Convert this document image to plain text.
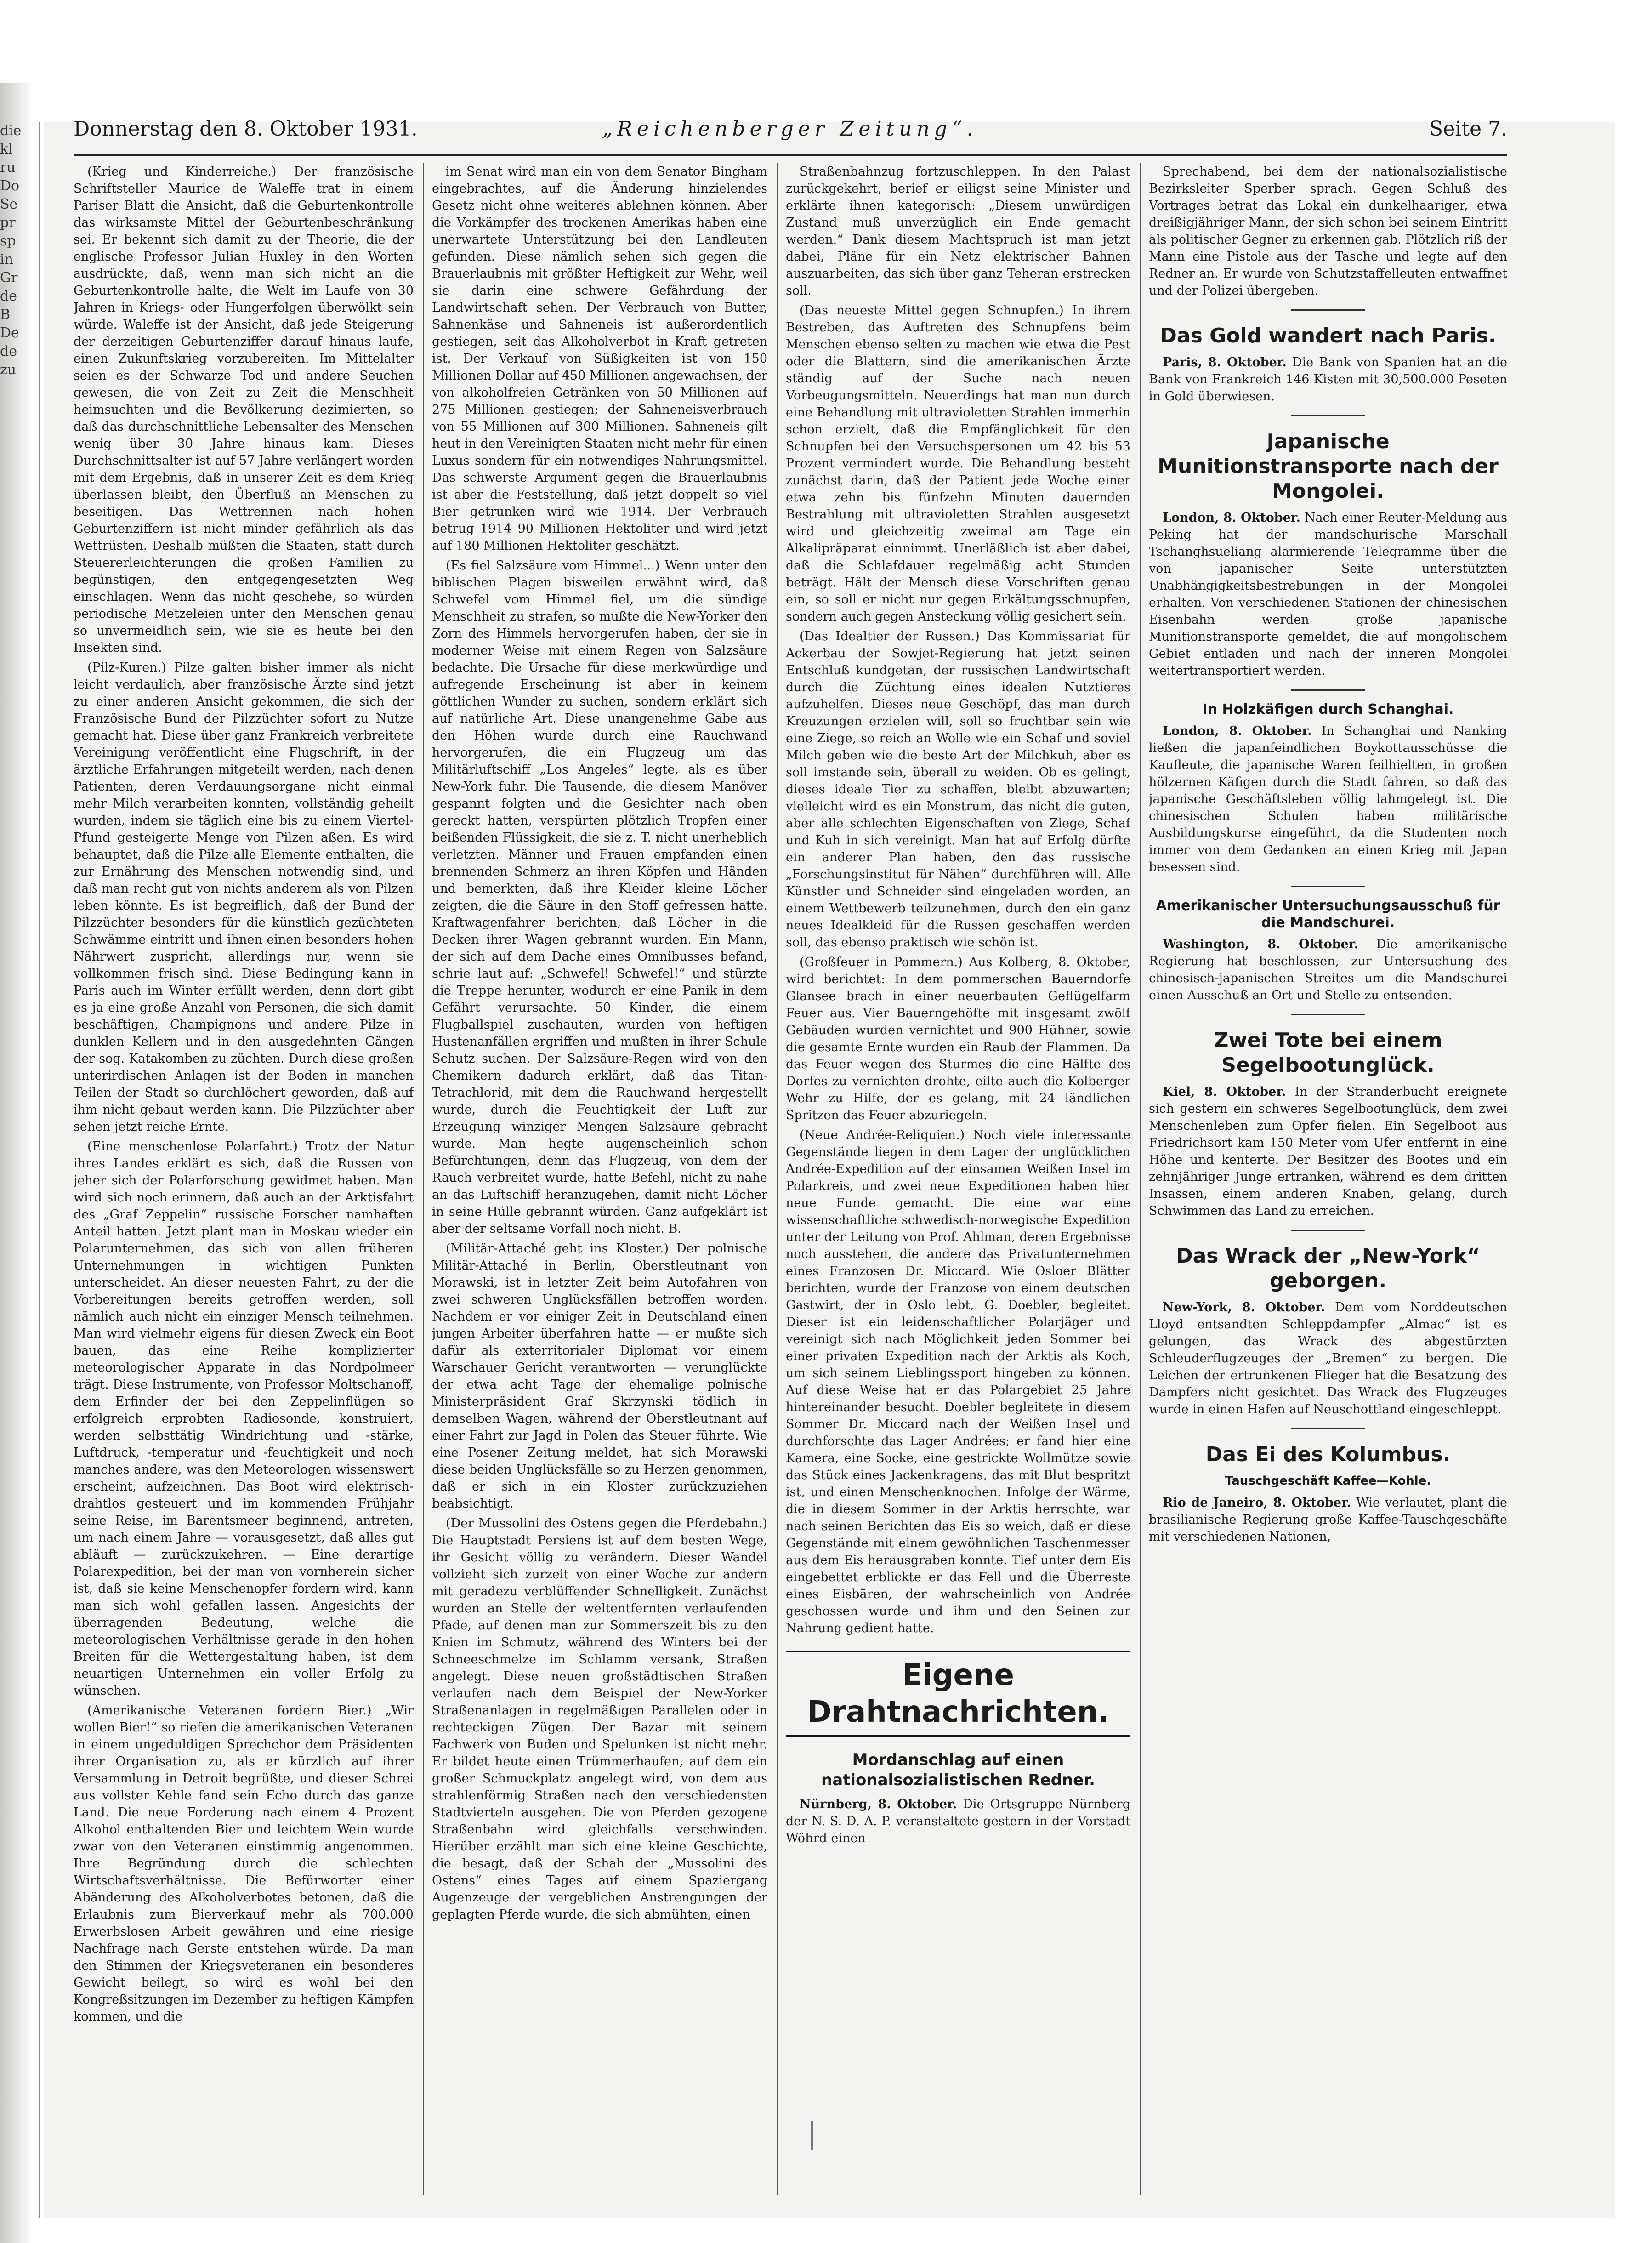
die
kl
ru
Do
Se
pr
sp
in
Gr
de
B
De
de
zu
Donnerstag den 8. Oktober 1931.	„Reichenberger Zeitung“.	Seite 7.

(Krieg und Kinderreiche.) Der französische Schriftsteller Maurice de Waleffe trat in einem Pariser Blatt die Ansicht, daß die Geburtenkontrolle das wirksamste Mittel der Geburtenbeschränkung sei. Er bekennt sich damit zu der Theorie, die der englische Professor Julian Huxley in den Worten ausdrückte, daß, wenn man sich nicht an die Geburtenkontrolle halte, die Welt im Laufe von 30 Jahren in Kriegs- oder Hungerfolgen überwölkt sein würde. Waleffe ist der Ansicht, daß jede Steigerung der derzeitigen Geburtenziffer darauf hinaus laufe, einen Zukunftskrieg vorzubereiten. Im Mittelalter seien es der Schwarze Tod und andere Seuchen gewesen, die von Zeit zu Zeit die Menschheit heimsuchten und die Bevölkerung dezimierten, so daß das durchschnittliche Lebensalter des Menschen wenig über 30 Jahre hinaus kam. Dieses Durchschnittsalter ist auf 57 Jahre verlängert worden mit dem Ergebnis, daß in unserer Zeit es dem Krieg überlassen bleibt, den Überfluß an Menschen zu beseitigen. Das Wettrennen nach hohen Geburtenziffern ist nicht minder gefährlich als das Wettrüsten. Deshalb müßten die Staaten, statt durch Steuererleichterungen die großen Familien zu begünstigen, den entgegengesetzten Weg einschlagen. Wenn das nicht geschehe, so würden periodische Metzeleien unter den Menschen genau so unvermeidlich sein, wie sie es heute bei den Insekten sind.

(Pilz-Kuren.) Pilze galten bisher immer als nicht leicht verdaulich, aber französische Ärzte sind jetzt zu einer anderen Ansicht gekommen, die sich der Französische Bund der Pilzzüchter sofort zu Nutze gemacht hat. Diese über ganz Frankreich verbreitete Vereinigung veröffentlicht eine Flugschrift, in der ärztliche Erfahrungen mitgeteilt werden, nach denen Patienten, deren Verdauungsorgane nicht einmal mehr Milch verarbeiten konnten, vollständig geheilt wurden, indem sie täglich eine bis zu einem Viertel-Pfund gesteigerte Menge von Pilzen aßen. Es wird behauptet, daß die Pilze alle Elemente enthalten, die zur Ernährung des Menschen notwendig sind, und daß man recht gut von nichts anderem als von Pilzen leben könnte. Es ist begreiflich, daß der Bund der Pilzzüchter besonders für die künstlich gezüchteten Schwämme eintritt und ihnen einen besonders hohen Nährwert zuspricht, allerdings nur, wenn sie vollkommen frisch sind. Diese Bedingung kann in Paris auch im Winter erfüllt werden, denn dort gibt es ja eine große Anzahl von Personen, die sich damit beschäftigen, Champignons und andere Pilze in dunklen Kellern und in den ausgedehnten Gängen der sog. Katakomben zu züchten. Durch diese großen unterirdischen Anlagen ist der Boden in manchen Teilen der Stadt so durchlöchert geworden, daß auf ihm nicht gebaut werden kann. Die Pilzzüchter aber sehen jetzt reiche Ernte.

(Eine menschenlose Polarfahrt.) Trotz der Natur ihres Landes erklärt es sich, daß die Russen von jeher sich der Polarforschung gewidmet haben. Man wird sich noch erinnern, daß auch an der Arktisfahrt des „Graf Zeppelin“ russische Forscher namhaften Anteil hatten. Jetzt plant man in Moskau wieder ein Polarunternehmen, das sich von allen früheren Unternehmungen in wichtigen Punkten unterscheidet. An dieser neuesten Fahrt, zu der die Vorbereitungen bereits getroffen werden, soll nämlich auch nicht ein einziger Mensch teilnehmen. Man wird vielmehr eigens für diesen Zweck ein Boot bauen, das eine Reihe komplizierter meteorologischer Apparate in das Nordpolmeer trägt. Diese Instrumente, von Professor Moltschanoff, dem Erfinder der bei den Zeppelinflügen so erfolgreich erprobten Radiosonde, konstruiert, werden selbsttätig Windrichtung und -stärke, Luftdruck, -temperatur und -feuchtigkeit und noch manches andere, was den Meteorologen wissenswert erscheint, aufzeichnen. Das Boot wird elektrisch-drahtlos gesteuert und im kommenden Frühjahr seine Reise, im Barentsmeer beginnend, antreten, um nach einem Jahre — vorausgesetzt, daß alles gut abläuft — zurückzukehren. — Eine derartige Polarexpedition, bei der man von vornherein sicher ist, daß sie keine Menschenopfer fordern wird, kann man sich wohl gefallen lassen. Angesichts der überragenden Bedeutung, welche die meteorologischen Verhältnisse gerade in den hohen Breiten für die Wettergestaltung haben, ist dem neuartigen Unternehmen ein voller Erfolg zu wünschen.

(Amerikanische Veteranen fordern Bier.) „Wir wollen Bier!“ so riefen die amerikanischen Veteranen in einem ungeduldigen Sprechchor dem Präsidenten ihrer Organisation zu, als er kürzlich auf ihrer Versammlung in Detroit begrüßte, und dieser Schrei aus vollster Kehle fand sein Echo durch das ganze Land. Die neue Forderung nach einem 4 Prozent Alkohol enthaltenden Bier und leichtem Wein wurde zwar von den Veteranen einstimmig angenommen. Ihre Begründung durch die schlechten Wirtschaftsverhältnisse. Die Befürworter einer Abänderung des Alkoholverbotes betonen, daß die Erlaubnis zum Bierverkauf mehr als 700.000 Erwerbslosen Arbeit gewähren und eine riesige Nachfrage nach Gerste entstehen würde. Da man den Stimmen der Kriegsveteranen ein besonderes Gewicht beilegt, so wird es wohl bei den Kongreßsitzungen im Dezember zu heftigen Kämpfen kommen, und die

im Senat wird man ein von dem Senator Bingham eingebrachtes, auf die Änderung hinzielendes Gesetz nicht ohne weiteres ablehnen können. Aber die Vorkämpfer des trockenen Amerikas haben eine unerwartete Unterstützung bei den Landleuten gefunden. Diese nämlich sehen sich gegen die Brauerlaubnis mit größter Heftigkeit zur Wehr, weil sie darin eine schwere Gefährdung der Landwirtschaft sehen. Der Verbrauch von Butter, Sahnenkäse und Sahneneis ist außerordentlich gestiegen, seit das Alkoholverbot in Kraft getreten ist. Der Verkauf von Süßigkeiten ist von 150 Millionen Dollar auf 450 Millionen angewachsen, der von alkoholfreien Getränken von 50 Millionen auf 275 Millionen gestiegen; der Sahneneisverbrauch von 55 Millionen auf 300 Millionen. Sahneneis gilt heut in den Vereinigten Staaten nicht mehr für einen Luxus sondern für ein notwendiges Nahrungsmittel. Das schwerste Argument gegen die Brauerlaubnis ist aber die Feststellung, daß jetzt doppelt so viel Bier getrunken wird wie 1914. Der Verbrauch betrug 1914 90 Millionen Hektoliter und wird jetzt auf 180 Millionen Hektoliter geschätzt.

(Es fiel Salzsäure vom Himmel...) Wenn unter den biblischen Plagen bisweilen erwähnt wird, daß Schwefel vom Himmel fiel, um die sündige Menschheit zu strafen, so mußte die New-Yorker den Zorn des Himmels hervorgerufen haben, der sie in moderner Weise mit einem Regen von Salzsäure bedachte. Die Ursache für diese merkwürdige und aufregende Erscheinung ist aber in keinem göttlichen Wunder zu suchen, sondern erklärt sich auf natürliche Art. Diese unangenehme Gabe aus den Höhen wurde durch eine Rauchwand hervorgerufen, die ein Flugzeug um das Militärluftschiff „Los Angeles“ legte, als es über New-York fuhr. Die Tausende, die diesem Manöver gespannt folgten und die Gesichter nach oben gereckt hatten, verspürten plötzlich Tropfen einer beißenden Flüssigkeit, die sie z. T. nicht unerheblich verletzten. Männer und Frauen empfanden einen brennenden Schmerz an ihren Köpfen und Händen und bemerkten, daß ihre Kleider kleine Löcher zeigten, die die Säure in den Stoff gefressen hatte. Kraftwagenfahrer berichten, daß Löcher in die Decken ihrer Wagen gebrannt wurden. Ein Mann, der sich auf dem Dache eines Omnibusses befand, schrie laut auf: „Schwefel! Schwefel!“ und stürzte die Treppe herunter, wodurch er eine Panik in dem Gefährt verursachte. 50 Kinder, die einem Flugballspiel zuschauten, wurden von heftigen Hustenanfällen ergriffen und mußten in ihrer Schule Schutz suchen. Der Salzsäure-Regen wird von den Chemikern dadurch erklärt, daß das Titan-Tetrachlorid, mit dem die Rauchwand hergestellt wurde, durch die Feuchtigkeit der Luft zur Erzeugung winziger Mengen Salzsäure gebracht wurde. Man hegte augenscheinlich schon Befürchtungen, denn das Flugzeug, von dem der Rauch verbreitet wurde, hatte Befehl, nicht zu nahe an das Luftschiff heranzugehen, damit nicht Löcher in seine Hülle gebrannt würden. Ganz aufgeklärt ist aber der seltsame Vorfall noch nicht. B.

(Militär-Attaché geht ins Kloster.) Der polnische Militär-Attaché in Berlin, Oberstleutnant von Morawski, ist in letzter Zeit beim Autofahren von zwei schweren Unglücksfällen betroffen worden. Nachdem er vor einiger Zeit in Deutschland einen jungen Arbeiter überfahren hatte — er mußte sich dafür als exterritorialer Diplomat vor einem Warschauer Gericht verantworten — verunglückte der etwa acht Tage der ehemalige polnische Ministerpräsident Graf Skrzynski tödlich in demselben Wagen, während der Oberstleutnant auf einer Fahrt zur Jagd in Polen das Steuer führte. Wie eine Posener Zeitung meldet, hat sich Morawski diese beiden Unglücksfälle so zu Herzen genommen, daß er sich in ein Kloster zurückzuziehen beabsichtigt.

(Der Mussolini des Ostens gegen die Pferdebahn.) Die Hauptstadt Persiens ist auf dem besten Wege, ihr Gesicht völlig zu verändern. Dieser Wandel vollzieht sich zurzeit von einer Woche zur andern mit geradezu verblüffender Schnelligkeit. Zunächst wurden an Stelle der weltentfernten verlaufenden Pfade, auf denen man zur Sommerszeit bis zu den Knien im Schmutz, während des Winters bei der Schneeschmelze im Schlamm versank, Straßen angelegt. Diese neuen großstädtischen Straßen verlaufen nach dem Beispiel der New-Yorker Straßenanlagen in regelmäßigen Parallelen oder in rechteckigen Zügen. Der Bazar mit seinem Fachwerk von Buden und Spelunken ist nicht mehr. Er bildet heute einen Trümmerhaufen, auf dem ein großer Schmuckplatz angelegt wird, von dem aus strahlenförmig Straßen nach den verschiedensten Stadtvierteln ausgehen. Die von Pferden gezogene Straßenbahn wird gleichfalls verschwinden. Hierüber erzählt man sich eine kleine Geschichte, die besagt, daß der Schah der „Mussolini des Ostens“ eines Tages auf einem Spaziergang Augenzeuge der vergeblichen Anstrengungen der geplagten Pferde wurde, die sich abmühten, einen

Straßenbahnzug fortzuschleppen. In den Palast zurückgekehrt, berief er eiligst seine Minister und erklärte ihnen kategorisch: „Diesem unwürdigen Zustand muß unverzüglich ein Ende gemacht werden.“ Dank diesem Machtspruch ist man jetzt dabei, Pläne für ein Netz elektrischer Bahnen auszuarbeiten, das sich über ganz Teheran erstrecken soll.

(Das neueste Mittel gegen Schnupfen.) In ihrem Bestreben, das Auftreten des Schnupfens beim Menschen ebenso selten zu machen wie etwa die Pest oder die Blattern, sind die amerikanischen Ärzte ständig auf der Suche nach neuen Vorbeugungsmitteln. Neuerdings hat man nun durch eine Behandlung mit ultravioletten Strahlen immerhin schon erzielt, daß die Empfänglichkeit für den Schnupfen bei den Versuchspersonen um 42 bis 53 Prozent vermindert wurde. Die Behandlung besteht zunächst darin, daß der Patient jede Woche einer etwa zehn bis fünfzehn Minuten dauernden Bestrahlung mit ultravioletten Strahlen ausgesetzt wird und gleichzeitig zweimal am Tage ein Alkalipräparat einnimmt. Unerläßlich ist aber dabei, daß die Schlafdauer regelmäßig acht Stunden beträgt. Hält der Mensch diese Vorschriften genau ein, so soll er nicht nur gegen Erkältungsschnupfen, sondern auch gegen Ansteckung völlig gesichert sein.

(Das Idealtier der Russen.) Das Kommissariat für Ackerbau der Sowjet-Regierung hat jetzt seinen Entschluß kundgetan, der russischen Landwirtschaft durch die Züchtung eines idealen Nutztieres aufzuhelfen. Dieses neue Geschöpf, das man durch Kreuzungen erzielen will, soll so fruchtbar sein wie eine Ziege, so reich an Wolle wie ein Schaf und soviel Milch geben wie die beste Art der Milchkuh, aber es soll imstande sein, überall zu weiden. Ob es gelingt, dieses ideale Tier zu schaffen, bleibt abzuwarten; vielleicht wird es ein Monstrum, das nicht die guten, aber alle schlechten Eigenschaften von Ziege, Schaf und Kuh in sich vereinigt. Man hat auf Erfolg dürfte ein anderer Plan haben, den das russische „Forschungsinstitut für Nähen“ durchführen will. Alle Künstler und Schneider sind eingeladen worden, an einem Wettbewerb teilzunehmen, durch den ein ganz neues Idealkleid für die Russen geschaffen werden soll, das ebenso praktisch wie schön ist.

(Großfeuer in Pommern.) Aus Kolberg, 8. Oktober, wird berichtet: In dem pommerschen Bauerndorfe Glansee brach in einer neuerbauten Geflügelfarm Feuer aus. Vier Bauerngehöfte mit insgesamt zwölf Gebäuden wurden vernichtet und 900 Hühner, sowie die gesamte Ernte wurden ein Raub der Flammen. Da das Feuer wegen des Sturmes die eine Hälfte des Dorfes zu vernichten drohte, eilte auch die Kolberger Wehr zu Hilfe, der es gelang, mit 24 ländlichen Spritzen das Feuer abzuriegeln.

(Neue Andrée-Reliquien.) Noch viele interessante Gegenstände liegen in dem Lager der unglücklichen Andrée-Expedition auf der einsamen Weißen Insel im Polarkreis, und zwei neue Expeditionen haben hier neue Funde gemacht. Die eine war eine wissenschaftliche schwedisch-norwegische Expedition unter der Leitung von Prof. Ahlman, deren Ergebnisse noch ausstehen, die andere das Privatunternehmen eines Franzosen Dr. Miccard. Wie Osloer Blätter berichten, wurde der Franzose von einem deutschen Gastwirt, der in Oslo lebt, G. Doebler, begleitet. Dieser ist ein leidenschaftlicher Polarjäger und vereinigt sich nach Möglichkeit jeden Sommer bei einer privaten Expedition nach der Arktis als Koch, um sich seinem Lieblingssport hingeben zu können. Auf diese Weise hat er das Polargebiet 25 Jahre hintereinander besucht. Doebler begleitete in diesem Sommer Dr. Miccard nach der Weißen Insel und durchforschte das Lager Andrées; er fand hier eine Kamera, eine Socke, eine gestrickte Wollmütze sowie das Stück eines Jackenkragens, das mit Blut bespritzt ist, und einen Menschenknochen. Infolge der Wärme, die in diesem Sommer in der Arktis herrschte, war nach seinen Berichten das Eis so weich, daß er diese Gegenstände mit einem gewöhnlichen Taschenmesser aus dem Eis herausgraben konnte. Tief unter dem Eis eingebettet erblickte er das Fell und die Überreste eines Eisbären, der wahrscheinlich von Andrée geschossen wurde und ihm und den Seinen zur Nahrung gedient hatte.

Eigene Drahtnachrichten.
Mordanschlag auf einen nationalsozialistischen Redner.

Nürnberg, 8. Oktober. Die Ortsgruppe Nürnberg der N. S. D. A. P. veranstaltete gestern in der Vorstadt Wöhrd einen

Sprechabend, bei dem der nationalsozialistische Bezirksleiter Sperber sprach. Gegen Schluß des Vortrages betrat das Lokal ein dunkelhaariger, etwa dreißigjähriger Mann, der sich schon bei seinem Eintritt als politischer Gegner zu erkennen gab. Plötzlich riß der Mann eine Pistole aus der Tasche und legte auf den Redner an. Er wurde von Schutzstaffelleuten entwaffnet und der Polizei übergeben.

Das Gold wandert nach Paris.

Paris, 8. Oktober. Die Bank von Spanien hat an die Bank von Frankreich 146 Kisten mit 30,500.000 Peseten in Gold überwiesen.

Japanische Munitionstransporte nach der Mongolei.

London, 8. Oktober. Nach einer Reuter-Meldung aus Peking hat der mandschurische Marschall Tschanghsueliang alarmierende Telegramme über die von japanischer Seite unterstützten Unabhängigkeitsbestrebungen in der Mongolei erhalten. Von verschiedenen Stationen der chinesischen Eisenbahn werden große japanische Munitionstransporte gemeldet, die auf mongolischem Gebiet entladen und nach der inneren Mongolei weitertransportiert werden.

In Holzkäfigen durch Schanghai.

London, 8. Oktober. In Schanghai und Nanking ließen die japanfeindlichen Boykottausschüsse die Kaufleute, die japanische Waren feilhielten, in großen hölzernen Käfigen durch die Stadt fahren, so daß das japanische Geschäftsleben völlig lahmgelegt ist. Die chinesischen Schulen haben militärische Ausbildungskurse eingeführt, da die Studenten noch immer von dem Gedanken an einen Krieg mit Japan besessen sind.

Amerikanischer Untersuchungsausschuß für die Mandschurei.

Washington, 8. Oktober. Die amerikanische Regierung hat beschlossen, zur Untersuchung des chinesisch-japanischen Streites um die Mandschurei einen Ausschuß an Ort und Stelle zu entsenden.

Zwei Tote bei einem Segelbootunglück.

Kiel, 8. Oktober. In der Stranderbucht ereignete sich gestern ein schweres Segelbootunglück, dem zwei Menschenleben zum Opfer fielen. Ein Segelboot aus Friedrichsort kam 150 Meter vom Ufer entfernt in eine Höhe und kenterte. Der Besitzer des Bootes und ein zehnjähriger Junge ertranken, während es dem dritten Insassen, einem anderen Knaben, gelang, durch Schwimmen das Land zu erreichen.

Das Wrack der „New-York“ geborgen.

New-York, 8. Oktober. Dem vom Norddeutschen Lloyd entsandten Schleppdampfer „Almac“ ist es gelungen, das Wrack des abgestürzten Schleuderflugzeuges der „Bremen“ zu bergen. Die Leichen der ertrunkenen Flieger hat die Besatzung des Dampfers nicht gesichtet. Das Wrack des Flugzeuges wurde in einen Hafen auf Neuschottland eingeschleppt.

Das Ei des Kolumbus.
Tauschgeschäft Kaffee—Kohle.

Rio de Janeiro, 8. Oktober. Wie verlautet, plant die brasilianische Regierung große Kaffee-Tauschgeschäfte mit verschiedenen Nationen,
